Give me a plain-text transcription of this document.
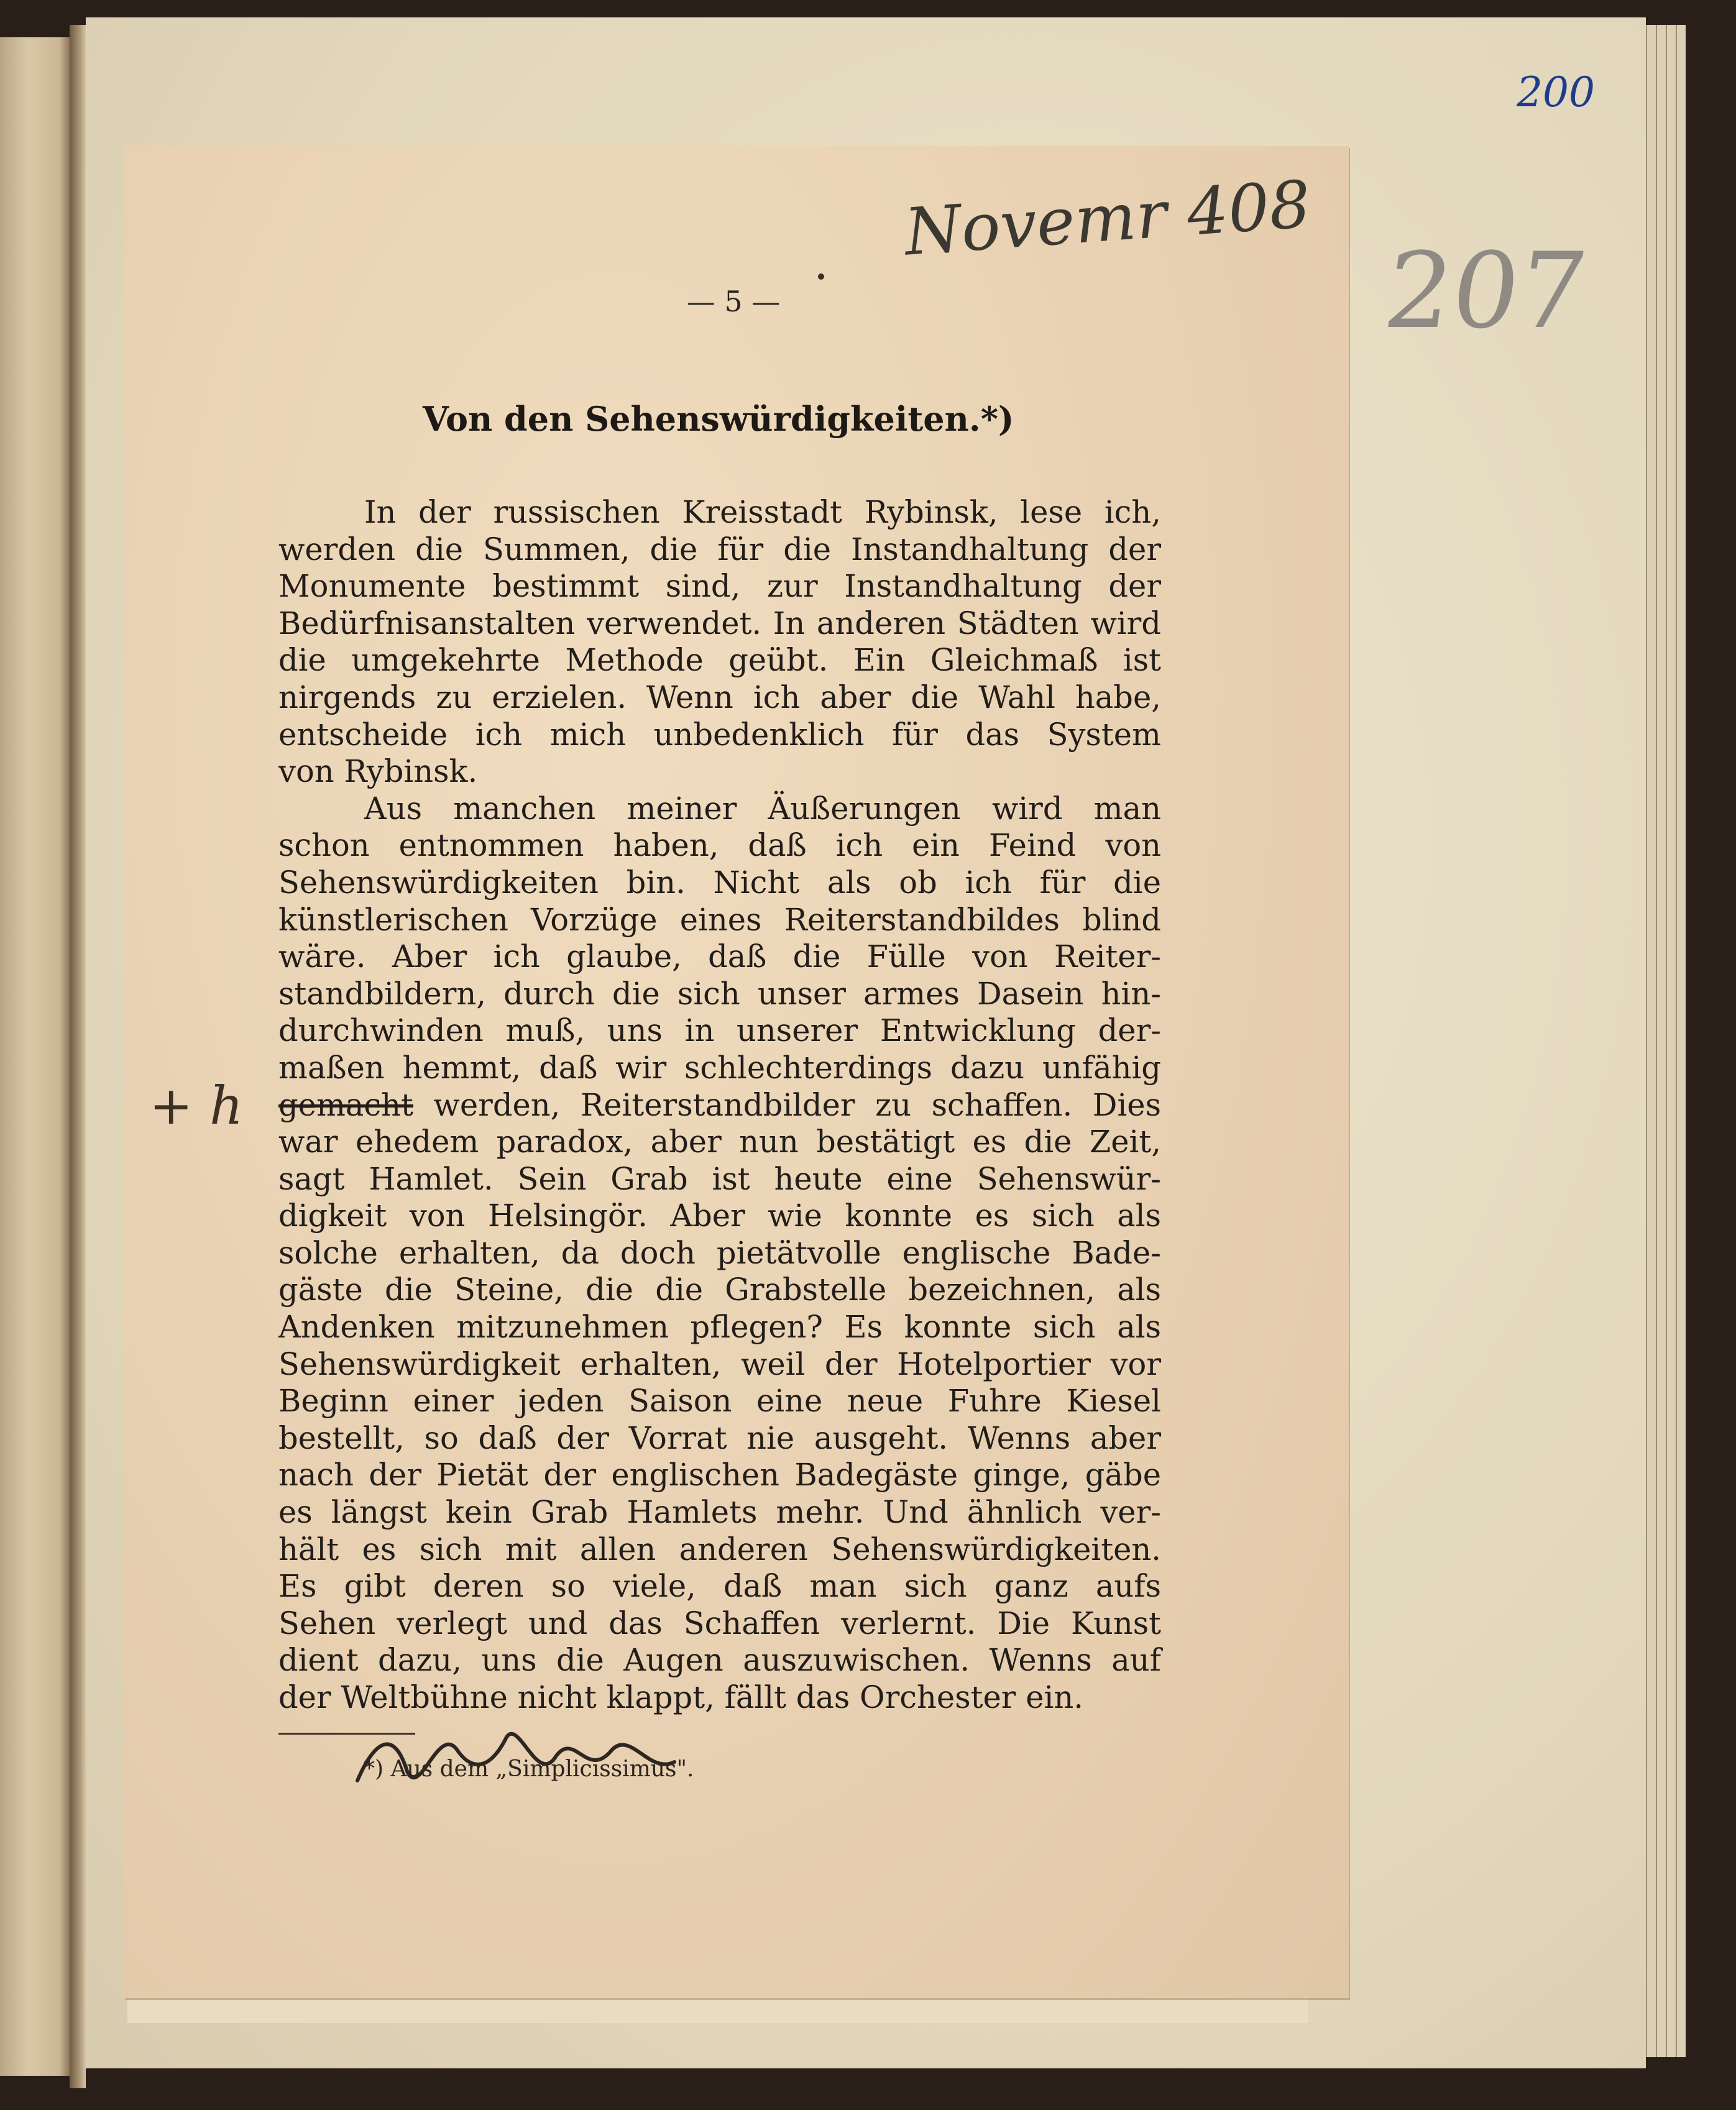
200
207
Novemr 408
— 5 —
Von den Sehenswürdigkeiten.*)
+ h

In der russischen Kreisstadt Rybinsk, lese ich,

werden die Summen, die für die Instandhaltung der

Monumente bestimmt sind, zur Instandhaltung der

Bedürfnisanstalten verwendet. In anderen Städten wird

die umgekehrte Methode geübt. Ein Gleichmaß ist

nirgends zu erzielen. Wenn ich aber die Wahl habe,

entscheide ich mich unbedenklich für das System

von Rybinsk.

Aus manchen meiner Äußerungen wird man

schon entnommen haben, daß ich ein Feind von

Sehenswürdigkeiten bin. Nicht als ob ich für die

künstlerischen Vorzüge eines Reiterstandbildes blind

wäre. Aber ich glaube, daß die Fülle von Reiter-

standbildern, durch die sich unser armes Dasein hin-

durchwinden muß, uns in unserer Entwicklung der-

maßen hemmt, daß wir schlechterdings dazu unfähig

gemacht werden, Reiterstandbilder zu schaffen. Dies

war ehedem paradox, aber nun bestätigt es die Zeit,

sagt Hamlet. Sein Grab ist heute eine Sehenswür-

digkeit von Helsingör. Aber wie konnte es sich als

solche erhalten, da doch pietätvolle englische Bade-

gäste die Steine, die die Grabstelle bezeichnen, als

Andenken mitzunehmen pflegen? Es konnte sich als

Sehenswürdigkeit erhalten, weil der Hotelportier vor

Beginn einer jeden Saison eine neue Fuhre Kiesel

bestellt, so daß der Vorrat nie ausgeht. Wenns aber

nach der Pietät der englischen Badegäste ginge, gäbe

es längst kein Grab Hamlets mehr. Und ähnlich ver-

hält es sich mit allen anderen Sehenswürdigkeiten.

Es gibt deren so viele, daß man sich ganz aufs

Sehen verlegt und das Schaffen verlernt. Die Kunst

dient dazu, uns die Augen auszuwischen. Wenns auf

der Weltbühne nicht klappt, fällt das Orchester ein.

*) Aus dem „Simplicissimus".
